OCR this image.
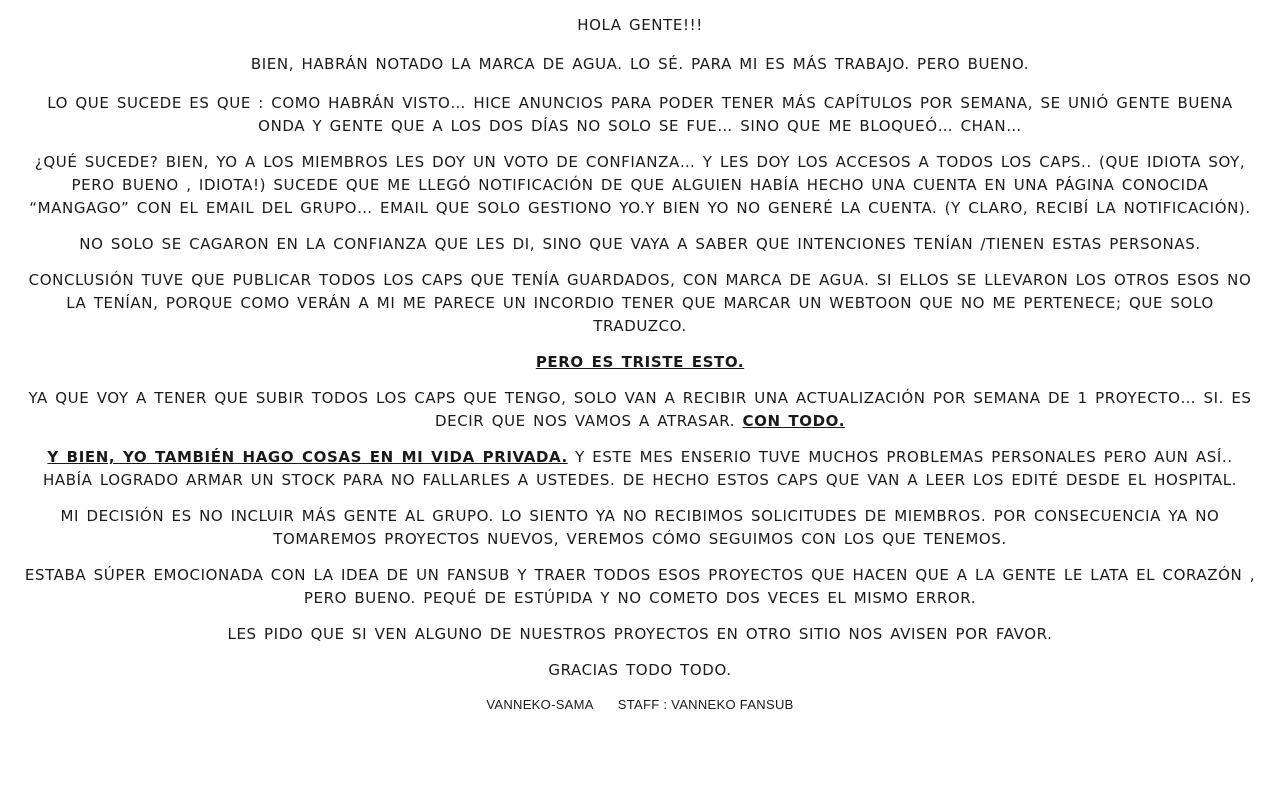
HOLA GENTE!!!

BIEN, HABRÁN NOTADO LA MARCA DE AGUA. LO SÉ. PARA MI ES MÁS TRABAJO. PERO BUENO.

LO QUE SUCEDE ES QUE : COMO HABRÁN VISTO… HICE ANUNCIOS PARA PODER TENER MÁS CAPÍTULOS POR SEMANA, SE UNIÓ GENTE BUENA ONDA Y GENTE QUE A LOS DOS DÍAS NO SOLO SE FUE… SINO QUE ME BLOQUEÓ… CHAN…

¿QUÉ SUCEDE? BIEN, YO A LOS MIEMBROS LES DOY UN VOTO DE CONFIANZA… Y LES DOY LOS ACCESOS A TODOS LOS CAPS.. (QUE IDIOTA SOY, PERO BUENO , IDIOTA!) SUCEDE QUE ME LLEGÓ NOTIFICACIÓN DE QUE ALGUIEN HABÍA HECHO UNA CUENTA EN UNA PÁGINA CONOCIDA “MANGAGO” CON EL EMAIL DEL GRUPO… EMAIL QUE SOLO GESTIONO YO.Y BIEN YO NO GENERÉ LA CUENTA. (Y CLARO, RECIBÍ LA NOTIFICACIÓN).

NO SOLO SE CAGARON EN LA CONFIANZA QUE LES DI, SINO QUE VAYA A SABER QUE INTENCIONES TENÍAN /TIENEN ESTAS PERSONAS.

CONCLUSIÓN TUVE QUE PUBLICAR TODOS LOS CAPS QUE TENÍA GUARDADOS, CON MARCA DE AGUA. SI ELLOS SE LLEVARON LOS OTROS ESOS NO LA TENÍAN, PORQUE COMO VERÁN A MI ME PARECE UN INCORDIO TENER QUE MARCAR UN WEBTOON QUE NO ME PERTENECE; QUE SOLO TRADUZCO.

PERO ES TRISTE ESTO.

YA QUE VOY A TENER QUE SUBIR TODOS LOS CAPS QUE TENGO, SOLO VAN A RECIBIR UNA ACTUALIZACIÓN POR SEMANA DE 1 PROYECTO… SI. ES DECIR QUE NOS VAMOS A ATRASAR. CON TODO.

Y BIEN, YO TAMBIÉN HAGO COSAS EN MI VIDA PRIVADA. Y ESTE MES ENSERIO TUVE MUCHOS PROBLEMAS PERSONALES PERO AUN ASÍ.. HABÍA LOGRADO ARMAR UN STOCK PARA NO FALLARLES A USTEDES. DE HECHO ESTOS CAPS QUE VAN A LEER LOS EDITÉ DESDE EL HOSPITAL.

MI DECISIÓN ES NO INCLUIR MÁS GENTE AL GRUPO. LO SIENTO YA NO RECIBIMOS SOLICITUDES DE MIEMBROS. POR CONSECUENCIA YA NO TOMAREMOS PROYECTOS NUEVOS, VEREMOS CÓMO SEGUIMOS CON LOS QUE TENEMOS.

ESTABA SÚPER EMOCIONADA CON LA IDEA DE UN FANSUB Y TRAER TODOS ESOS PROYECTOS QUE HACEN QUE A LA GENTE LE LATA EL CORAZÓN , PERO BUENO. PEQUÉ DE ESTÚPIDA Y NO COMETO DOS VECES EL MISMO ERROR.

LES PIDO QUE SI VEN ALGUNO DE NUESTROS PROYECTOS EN OTRO SITIO NOS AVISEN POR FAVOR.

GRACIAS TODO TODO.

VANNEKO-SAMA STAFF : VANNEKO FANSUB
